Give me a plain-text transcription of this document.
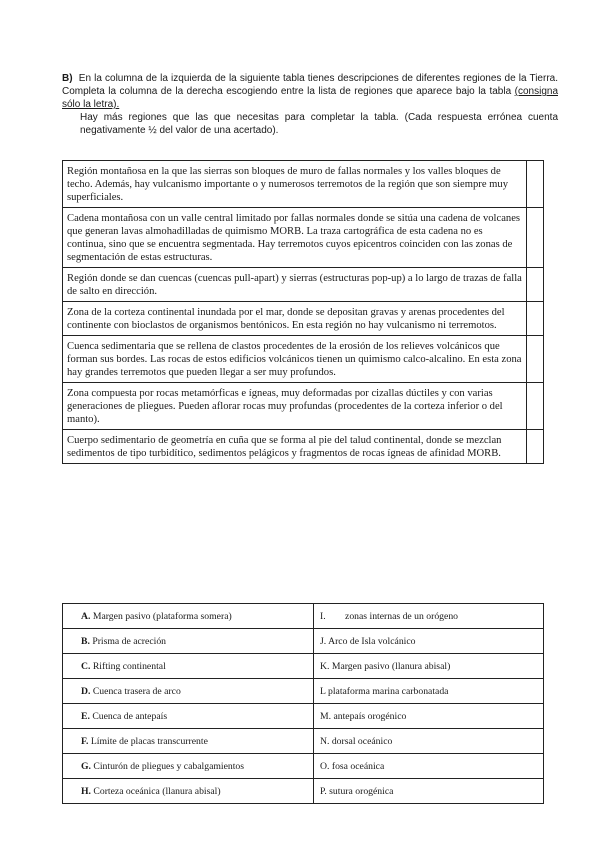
B) En la columna de la izquierda de la siguiente tabla tienes descripciones de diferentes regiones de la Tierra. Completa la columna de la derecha escogiendo entre la lista de regiones que aparece bajo la tabla (consigna sólo la letra).

Hay más regiones que las que necesitas para completar la tabla. (Cada respuesta errónea cuenta negativamente ½ del valor de una acertado).

Región montañosa en la que las sierras son bloques de muro de fallas normales y los valles bloques de techo. Además, hay vulcanismo importante o y numerosos terremotos de la región que son siempre muy superficiales.	
Cadena montañosa con un valle central limitado por fallas normales donde se sitúa una cadena de volcanes que generan lavas almohadilladas de quimismo MORB. La traza cartográfica de esta cadena no es continua, sino que se encuentra segmentada. Hay terremotos cuyos epicentros coinciden con las zonas de segmentación de estas estructuras.	
Región donde se dan cuencas (cuencas pull-apart) y sierras (estructuras pop-up) a lo largo de trazas de falla de salto en dirección.	
Zona de la corteza continental inundada por el mar, donde se depositan gravas y arenas procedentes del continente con bioclastos de organismos bentónicos. En esta región no hay vulcanismo ni terremotos.	
Cuenca sedimentaria que se rellena de clastos procedentes de la erosión de los relieves volcánicos que forman sus bordes. Las rocas de estos edificios volcánicos tienen un quimismo calco-alcalino. En esta zona hay grandes terremotos que pueden llegar a ser muy profundos.	
Zona compuesta por rocas metamórficas e ígneas, muy deformadas por cizallas dúctiles y con varias generaciones de pliegues. Pueden aflorar rocas muy profundas (procedentes de la corteza inferior o del manto).	
Cuerpo sedimentario de geometría en cuña que se forma al pie del talud continental, donde se mezclan sedimentos de tipo turbidítico, sedimentos pelágicos y fragmentos de rocas ígneas de afinidad MORB.	
A. Margen pasivo (plataforma somera)	I.        zonas internas de un orógeno
B. Prisma de acreción	J. Arco de Isla volcánico
C. Rifting continental	K. Margen pasivo (llanura abisal)
D. Cuenca trasera de arco	L plataforma marina carbonatada
E. Cuenca de antepaís	M. antepaís orogénico
F. Límite de placas transcurrente	N. dorsal oceánico
G. Cinturón de pliegues y cabalgamientos	O. fosa oceánica
H. Corteza oceánica (llanura abisal)	P. sutura orogénica
